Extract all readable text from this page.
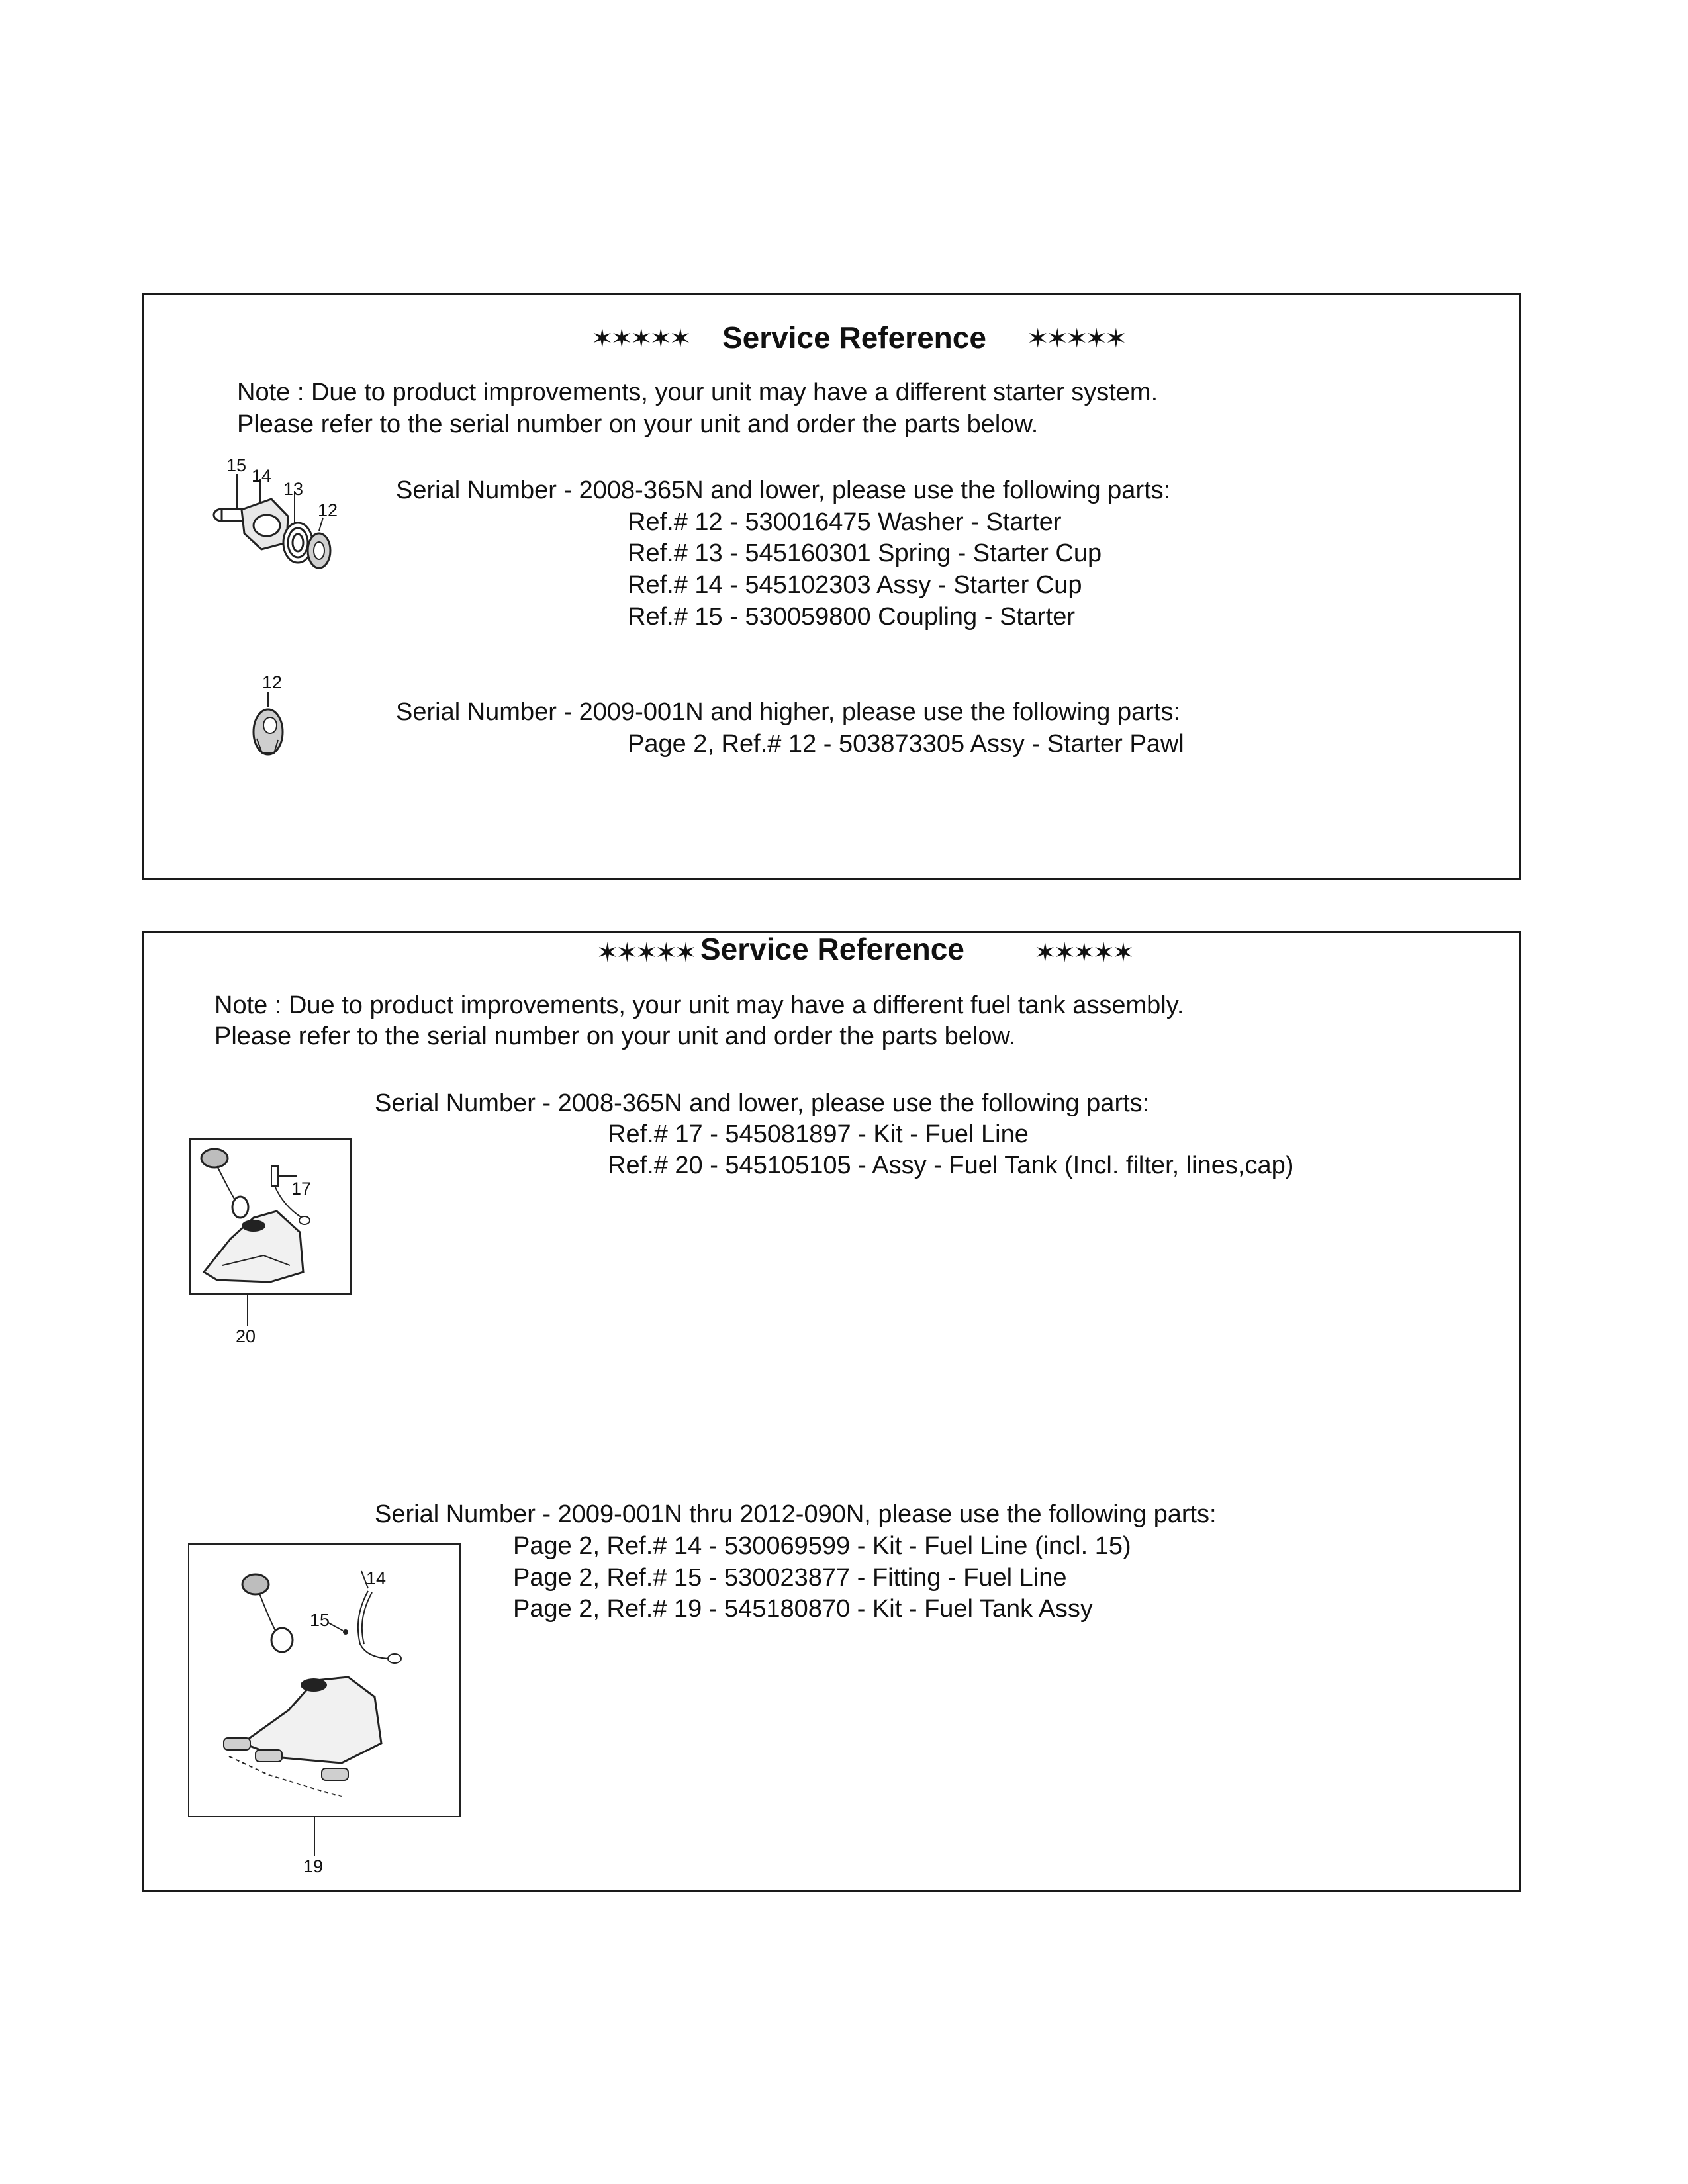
✶✶✶✶✶ Service Reference ✶✶✶✶✶
Note : Due to product improvements, your unit may have a different starter system.
Please refer to the serial number on your unit and order the parts below.
15
14
13
12
Serial Number - 2008-365N and lower, please use the following parts:
Ref.# 12 - 530016475 Washer - Starter
Ref.# 13 - 545160301 Spring - Starter Cup
Ref.# 14 - 545102303 Assy - Starter Cup
Ref.# 15 - 530059800 Coupling - Starter
12
Serial Number - 2009-001N and higher, please use the following parts:
Page 2, Ref.# 12 - 503873305 Assy - Starter Pawl
✶✶✶✶✶ Service Reference	✶✶✶✶✶
Note : Due to product improvements, your unit may have a different fuel tank assembly.
Please refer to the serial number on your unit and order the parts below.
Serial Number - 2008-365N and lower, please use the following parts:
Ref.# 17 - 545081897 - Kit - Fuel Line
Ref.# 20 - 545105105 - Assy - Fuel Tank (Incl. filter, lines,cap)
17
20
Serial Number - 2009-001N thru 2012-090N, please use the following parts:
Page 2, Ref.# 14 - 530069599 - Kit - Fuel Line (incl. 15)
Page 2, Ref.# 15 - 530023877 - Fitting - Fuel Line
Page 2, Ref.# 19 - 545180870 - Kit - Fuel Tank Assy
14
15
19
